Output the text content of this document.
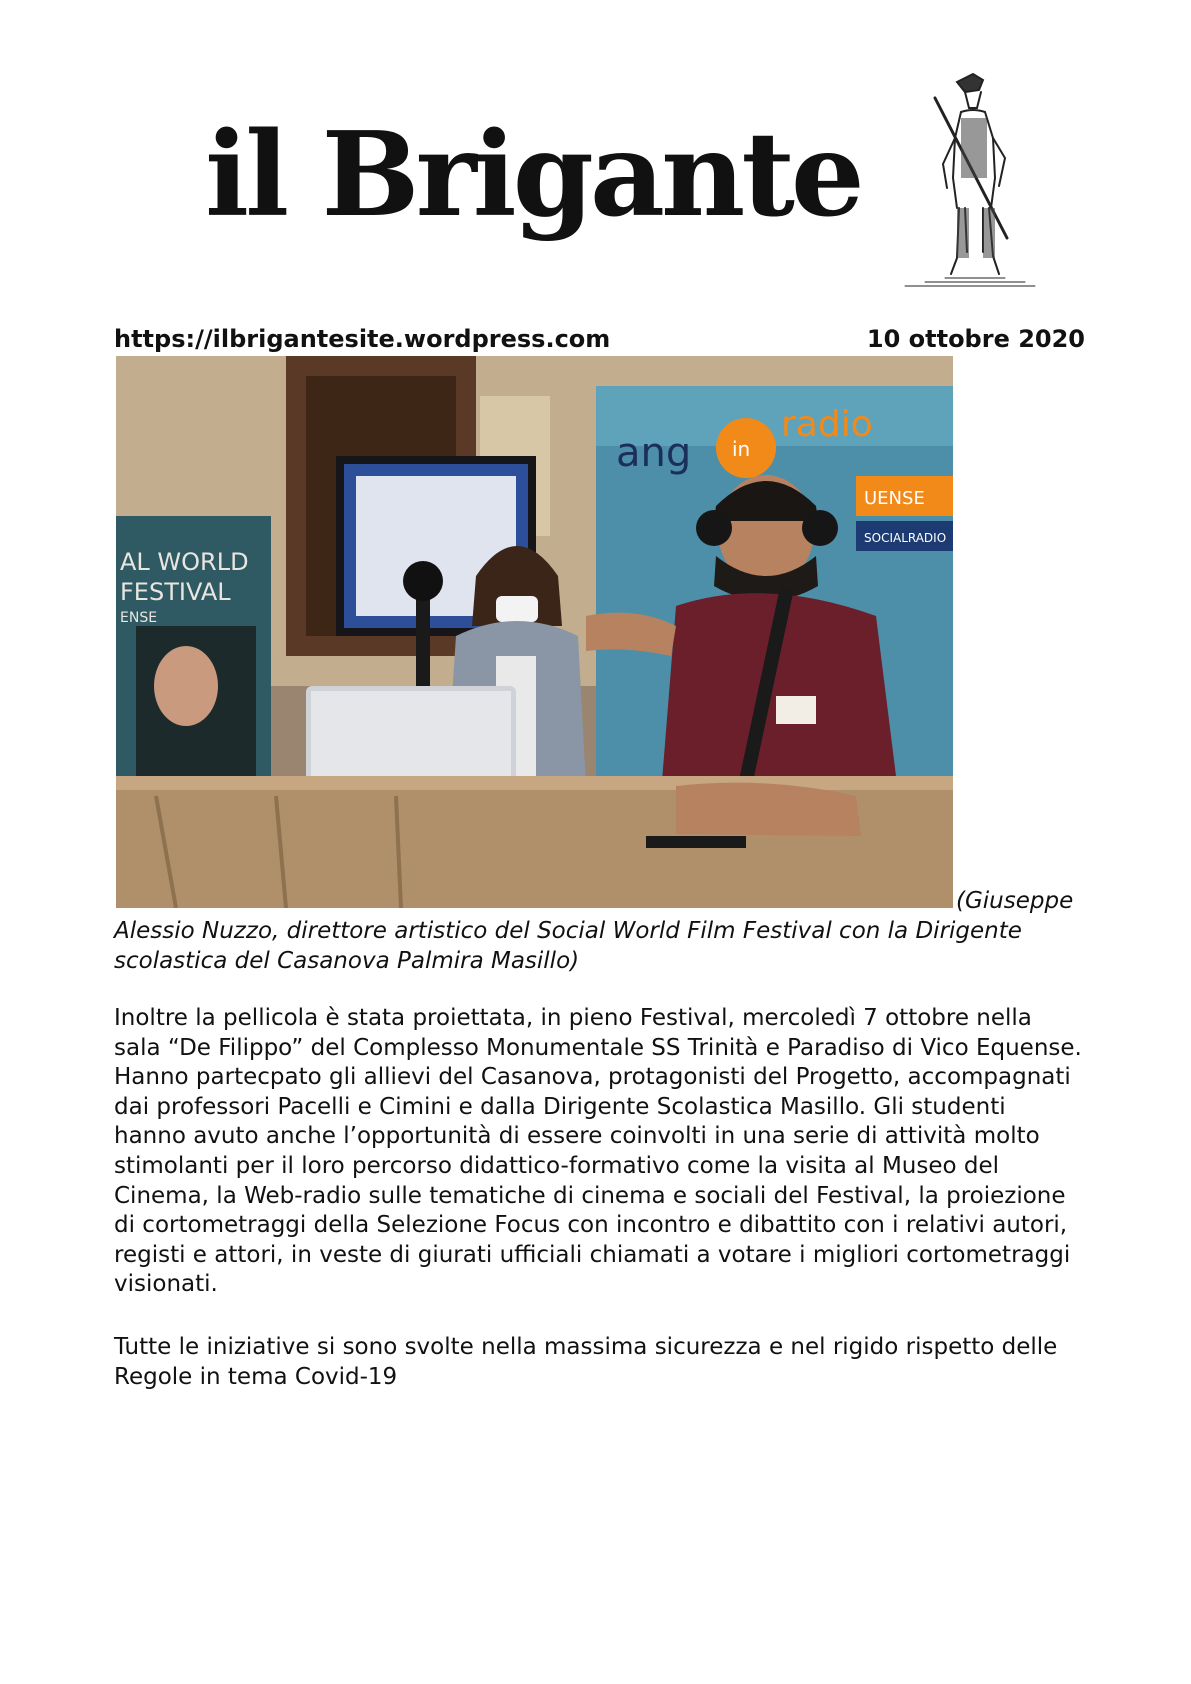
il Brigante
https://ilbrigantesite.wordpress.com	10 ottobre 2020
AL WORLD
FESTIVAL
ENSE
ang in
radio
UENSE
SOCIALRADIO
(Giuseppe Alessio Nuzzo, direttore artistico del Social World Film Festival con la Dirigente scolastica del Casanova Palmira Masillo)

Inoltre la pellicola è stata proiettata, in pieno Festival, mercoledì 7 ottobre nella sala “De Filippo” del Complesso Monumentale SS Trinità e Paradiso di Vico Equense. Hanno partecpato gli allievi del Casanova, protagonisti del Progetto, accompagnati dai professori Pacelli e Cimini e dalla Dirigente Scolastica Masillo. Gli studenti hanno avuto anche l’opportunità di essere coinvolti in una serie di attività molto stimolanti per il loro percorso didattico-formativo come la visita al Museo del Cinema, la Web-radio sulle tematiche di cinema e sociali del Festival, la proiezione di cortometraggi della Selezione Focus con incontro e dibattito con i relativi autori, registi e attori, in veste di giurati ufficiali chiamati a votare i migliori cortometraggi visionati.

Tutte le iniziative si sono svolte nella massima sicurezza e nel rigido rispetto delle Regole in tema Covid-19
